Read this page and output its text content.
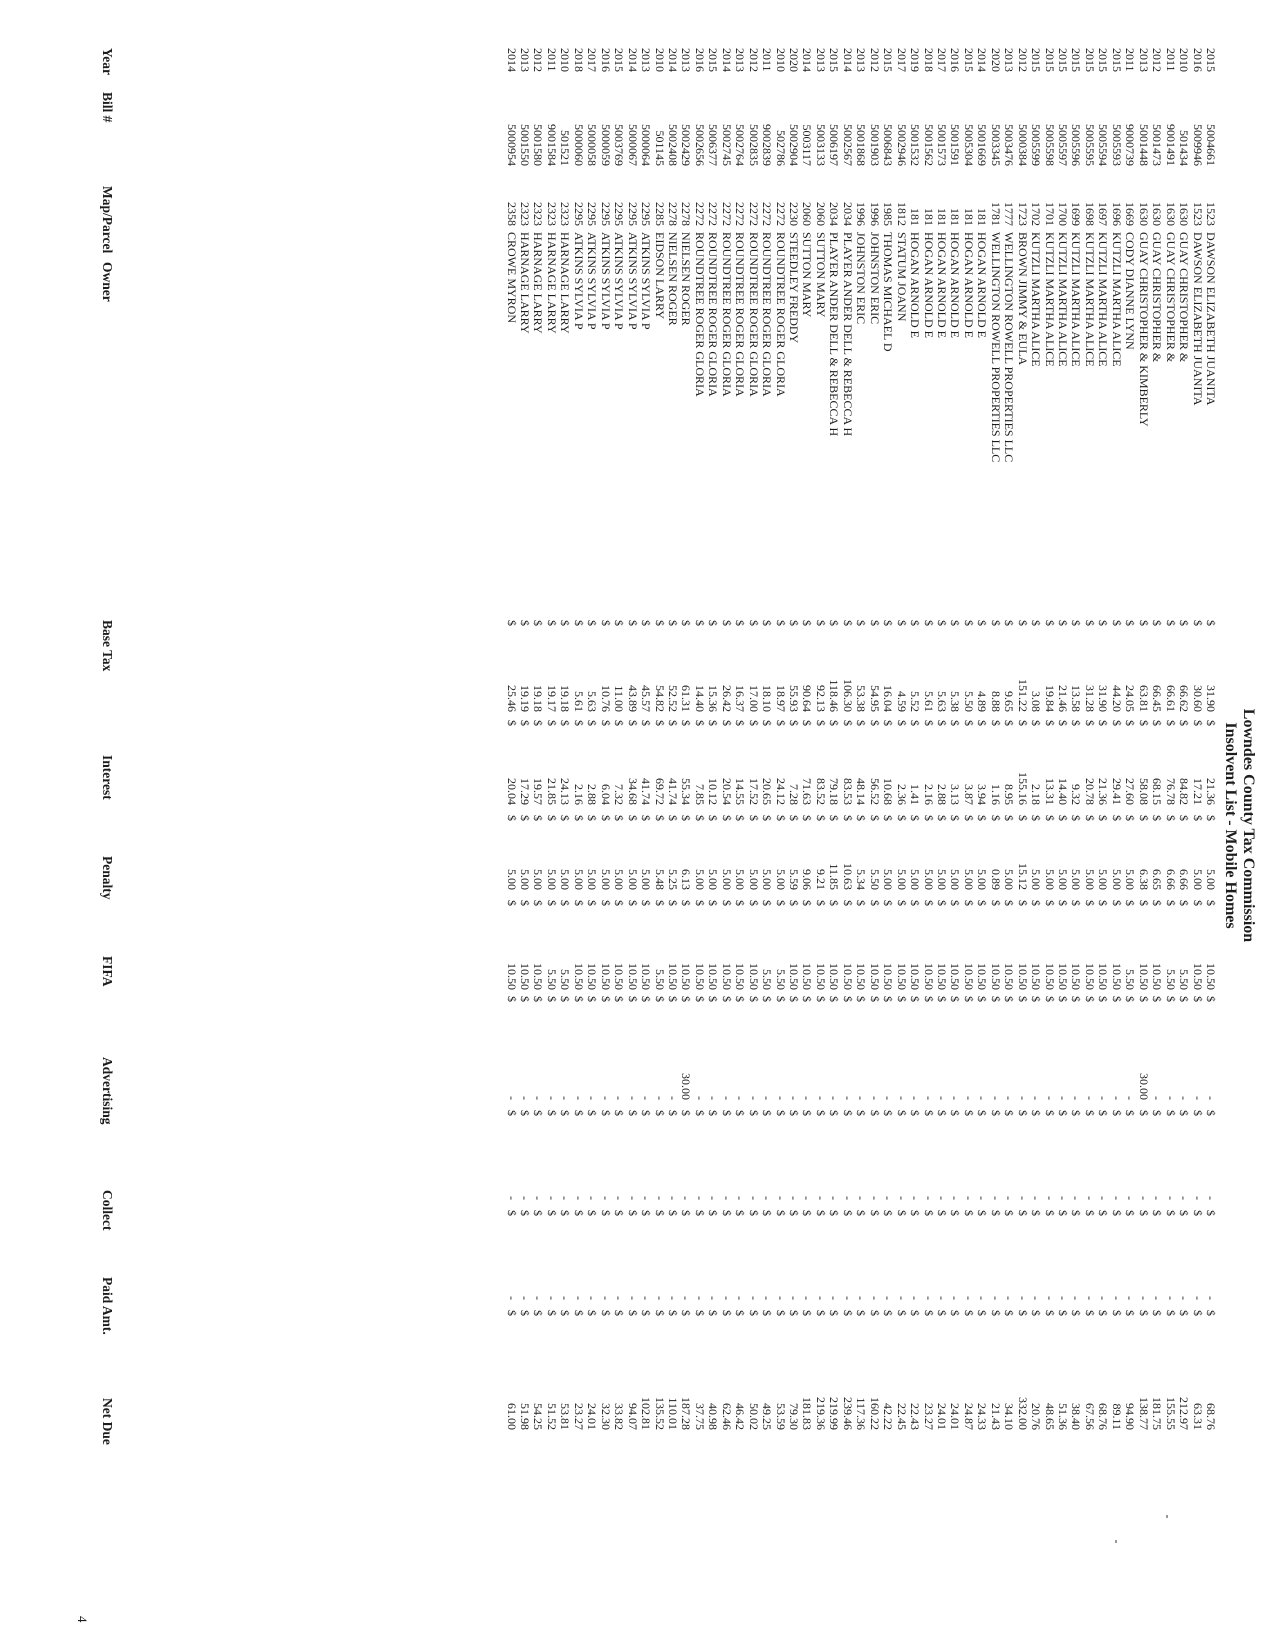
Lowndes County Tax Commission
Insolvent List - Mobile Homes
Year
Bill #
Map/Parcel
Base Tax
Interest
Penalty
FIFA
Advertising
Collect
Paid Amt.
Net Due
Owner
2015
5004661
1523
DAWSON ELIZABETH JUANITA
$
31.90
$
21.36
$
5.00
$
10.50
$
-
$
-
$
-
$
68.76
2016
5009946
1523
DAWSON ELIZABETH JUANITA
$
30.60
$
17.21
$
5.00
$
10.50
$
-
$
-
$
-
$
63.31
2010
501434
1630
GUAY CHRISTOPHER &
$
66.62
$
84.82
$
6.66
$
5.50
$
-
$
-
$
-
$
212.97
2011
9001491
1630
GUAY CHRISTOPHER &
$
66.61
$
76.78
$
6.66
$
5.50
$
-
$
-
$
-
$
155.55
2012
5001473
1630
GUAY CHRISTOPHER &
$
66.45
$
68.15
$
6.65
$
10.50
$
-
$
-
$
-
$
181.75
2013
5001448
1630
GUAY CHRISTOPHER & KIMBERLY
$
63.81
$
58.08
$
6.38
$
10.50
$
30.00
$
-
$
-
$
138.77
2011
9000739
1669
CODY DIANNE LYNN
$
24.05
$
27.60
$
5.00
$
5.50
$
-
$
-
$
-
$
94.90
2015
5005593
1696
KUTZLI MARTHA ALICE
$
44.20
$
29.41
$
5.00
$
10.50
$
-
$
-
$
-
$
89.11
2015
5005594
1697
KUTZLI MARTHA ALICE
$
31.90
$
21.36
$
5.00
$
10.50
$
-
$
-
$
-
$
68.76
2015
5005595
1698
KUTZLI MARTHA ALICE
$
31.28
$
20.78
$
5.00
$
10.50
$
-
$
-
$
-
$
67.56
2015
5005596
1699
KUTZLI MARTHA ALICE
$
13.58
$
9.32
$
5.00
$
10.50
$
-
$
-
$
-
$
38.40
2015
5005597
1700
KUTZLI MARTHA ALICE
$
21.46
$
14.40
$
5.00
$
10.50
$
-
$
-
$
-
$
51.36
2015
5005598
1701
KUTZLI MARTHA ALICE
$
19.84
$
13.31
$
5.00
$
10.50
$
-
$
-
$
-
$
48.65
2015
5005599
1702
KUTZLI MARTHA ALICE
$
3.08
$
2.18
$
5.00
$
10.50
$
-
$
-
$
-
$
20.76
2012
5000384
1723
BROWN JIMMY & EULA
$
151.22
$
155.16
$
15.12
$
10.50
$
-
$
-
$
-
$
332.00
2013
5003476
1777
WELLINGTON ROWELL PROPERTIES LLC
$
9.65
$
8.95
$
5.00
$
10.50
$
-
$
-
$
-
$
34.10
2020
5003345
1781
WELLINGTON ROWELL PROPERTIES LLC
$
8.88
$
1.16
$
0.89
$
10.50
$
-
$
-
$
-
$
21.43
2014
5001669
181
HOGAN ARNOLD E
$
4.89
$
3.94
$
5.00
$
10.50
$
-
$
-
$
-
$
24.33
2015
5005304
181
HOGAN ARNOLD E
$
5.50
$
3.87
$
5.00
$
10.50
$
-
$
-
$
-
$
24.87
2016
5001591
181
HOGAN ARNOLD E
$
5.38
$
3.13
$
5.00
$
10.50
$
-
$
-
$
-
$
24.01
2017
5001573
181
HOGAN ARNOLD E
$
5.63
$
2.88
$
5.00
$
10.50
$
-
$
-
$
-
$
24.01
2018
5001562
181
HOGAN ARNOLD E
$
5.61
$
2.16
$
5.00
$
10.50
$
-
$
-
$
-
$
23.27
2019
5001532
181
HOGAN ARNOLD E
$
5.52
$
1.41
$
5.00
$
10.50
$
-
$
-
$
-
$
22.43
2017
5002946
1812
STATUM JOANN
$
4.59
$
2.36
$
5.00
$
10.50
$
-
$
-
$
-
$
22.45
2015
5006843
1985
THOMAS MICHAEL D
$
16.04
$
10.68
$
5.00
$
10.50
$
-
$
-
$
-
$
42.22
2012
5001903
1996
JOHNSTON ERIC
$
54.95
$
56.52
$
5.50
$
10.50
$
-
$
-
$
-
$
160.22
2013
5001868
1996
JOHNSTON ERIC
$
53.38
$
48.14
$
5.34
$
10.50
$
-
$
-
$
-
$
117.36
2014
5002567
2034
PLAYER ANDER DELL & REBECCA H
$
106.30
$
83.53
$
10.63
$
10.50
$
-
$
-
$
-
$
239.46
2015
5006197
2034
PLAYER ANDER DELL & REBECCA H
$
118.46
$
79.18
$
11.85
$
10.50
$
-
$
-
$
-
$
219.99
2013
5003133
2060
SUTTON MARY
$
92.13
$
83.52
$
9.21
$
10.50
$
-
$
-
$
-
$
219.36
2014
5003117
2060
SUTTON MARY
$
90.64
$
71.63
$
9.06
$
10.50
$
-
$
-
$
-
$
181.83
2020
5002904
2230
STEEDLEY FREDDY
$
55.93
$
7.28
$
5.59
$
10.50
$
-
$
-
$
-
$
79.30
2010
502786
2272
ROUNDTREE ROGER GLORIA
$
18.97
$
24.12
$
5.00
$
5.50
$
-
$
-
$
-
$
53.59
2011
9002839
2272
ROUNDTREE ROGER GLORIA
$
18.10
$
20.65
$
5.00
$
5.50
$
-
$
-
$
-
$
49.25
2012
5002835
2272
ROUNDTREE ROGER GLORIA
$
17.00
$
17.52
$
5.00
$
10.50
$
-
$
-
$
-
$
50.02
2013
5002764
2272
ROUNDTREE ROGER GLORIA
$
16.37
$
14.55
$
5.00
$
10.50
$
-
$
-
$
-
$
46.42
2014
5002745
2272
ROUNDTREE ROGER GLORIA
$
26.42
$
20.54
$
5.00
$
10.50
$
-
$
-
$
-
$
62.46
2015
5006377
2272
ROUNDTREE ROGER GLORIA
$
15.36
$
10.12
$
5.00
$
10.50
$
-
$
-
$
-
$
40.98
2016
5002656
2272
ROUNDTREE ROGER GLORIA
$
14.40
$
7.85
$
5.00
$
10.50
$
-
$
-
$
-
$
37.75
2013
5002429
2278
NIELSEN ROGER
$
61.31
$
55.34
$
6.13
$
10.50
$
30.00
$
-
$
-
$
187.28
2014
5002408
2278
NIELSEN ROGER
$
52.52
$
41.74
$
5.25
$
10.50
$
-
$
-
$
-
$
110.01
2010
501145
2285
EIDSON LARRY
$
54.82
$
69.72
$
5.48
$
5.50
$
-
$
-
$
-
$
135.52
2013
5000064
2295
ATKINS SYLVIA P
$
45.57
$
41.74
$
5.00
$
10.50
$
-
$
-
$
-
$
102.81
2014
5000067
2295
ATKINS SYLVIA P
$
43.89
$
34.68
$
5.00
$
10.50
$
-
$
-
$
-
$
94.07
2015
5003769
2295
ATKINS SYLVIA P
$
11.00
$
7.32
$
5.00
$
10.50
$
-
$
-
$
-
$
33.82
2016
5000059
2295
ATKINS SYLVIA P
$
10.76
$
6.04
$
5.00
$
10.50
$
-
$
-
$
-
$
32.30
2017
5000058
2295
ATKINS SYLVIA P
$
5.63
$
2.88
$
5.00
$
10.50
$
-
$
-
$
-
$
24.01
2018
5000060
2295
ATKINS SYLVIA P
$
5.61
$
2.16
$
5.00
$
10.50
$
-
$
-
$
-
$
23.27
2010
501521
2323
HARNAGE LARRY
$
19.18
$
24.13
$
5.00
$
5.50
$
-
$
-
$
-
$
53.81
2011
9001584
2323
HARNAGE LARRY
$
19.17
$
21.85
$
5.00
$
5.50
$
-
$
-
$
-
$
51.52
2012
5001580
2323
HARNAGE LARRY
$
19.18
$
19.57
$
5.00
$
10.50
$
-
$
-
$
-
$
54.25
2013
5001550
2323
HARNAGE LARRY
$
19.19
$
17.29
$
5.00
$
10.50
$
-
$
-
$
-
$
51.98
2014
5000954
2358
CROWE MYRON
$
25.46
$
20.04
$
5.00
$
10.50
$
-
$
-
$
-
$
61.00
4
